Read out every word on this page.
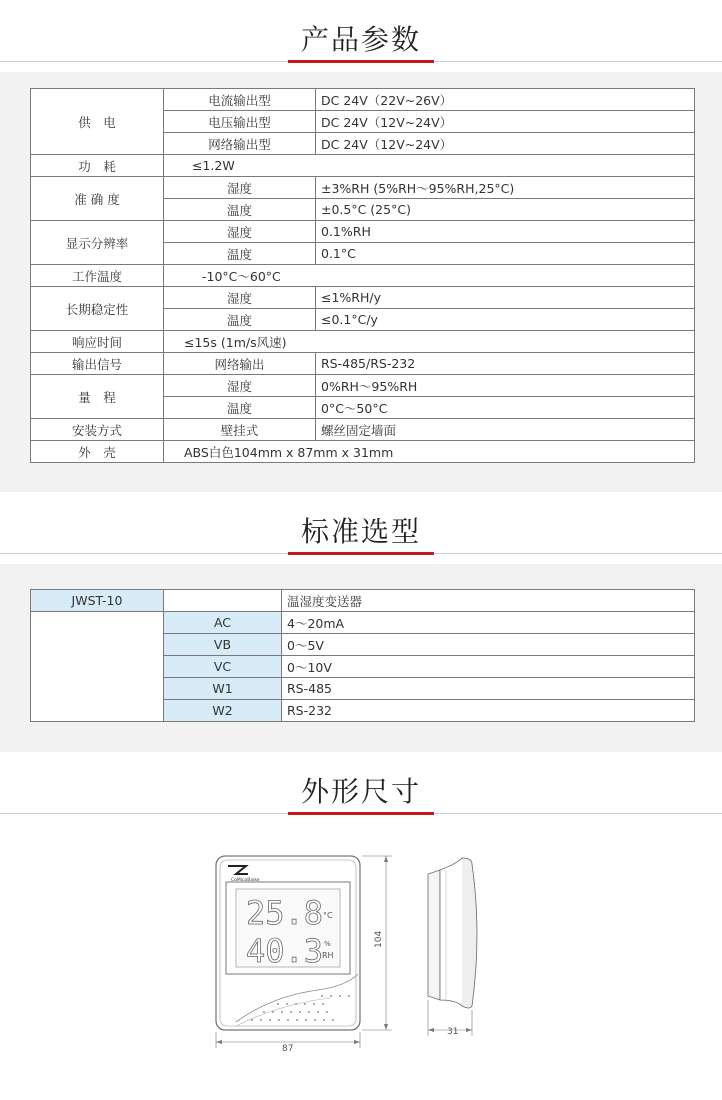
产品参数
供　电	电流输出型	DC 24V（22V~26V）
	电压输出型	DC 24V（12V~24V）
	网络输出型	DC 24V（12V~24V）
功　耗	≤1.2W	
准 确 度	湿度	±3%RH (5%RH～95%RH,25°C)
	温度	±0.5°C (25°C)
显示分辨率	湿度	0.1%RH
	温度	0.1°C
工作温度	-10°C～60°C	
长期稳定性	湿度	≤1%RH/y
	温度	≤0.1°C/y
响应时间	≤15s (1m/s风速)	
输出信号	网络输出	RS-485/RS-232
量　程	湿度	0%RH～95%RH
	温度	0°C～50°C
安装方式	壁挂式	螺丝固定墙面
外　壳	ABS白色104mm x 87mm x 31mm	
标准选型
JWST-10		温湿度变送器
	AC	4～20mA
	VB	0～5V
	VC	0～10V
	W1	RS-485
	W2	RS-232
外形尺寸
CoMicoBaike
25.8 °C
40.3 %
RH
87
104
31
